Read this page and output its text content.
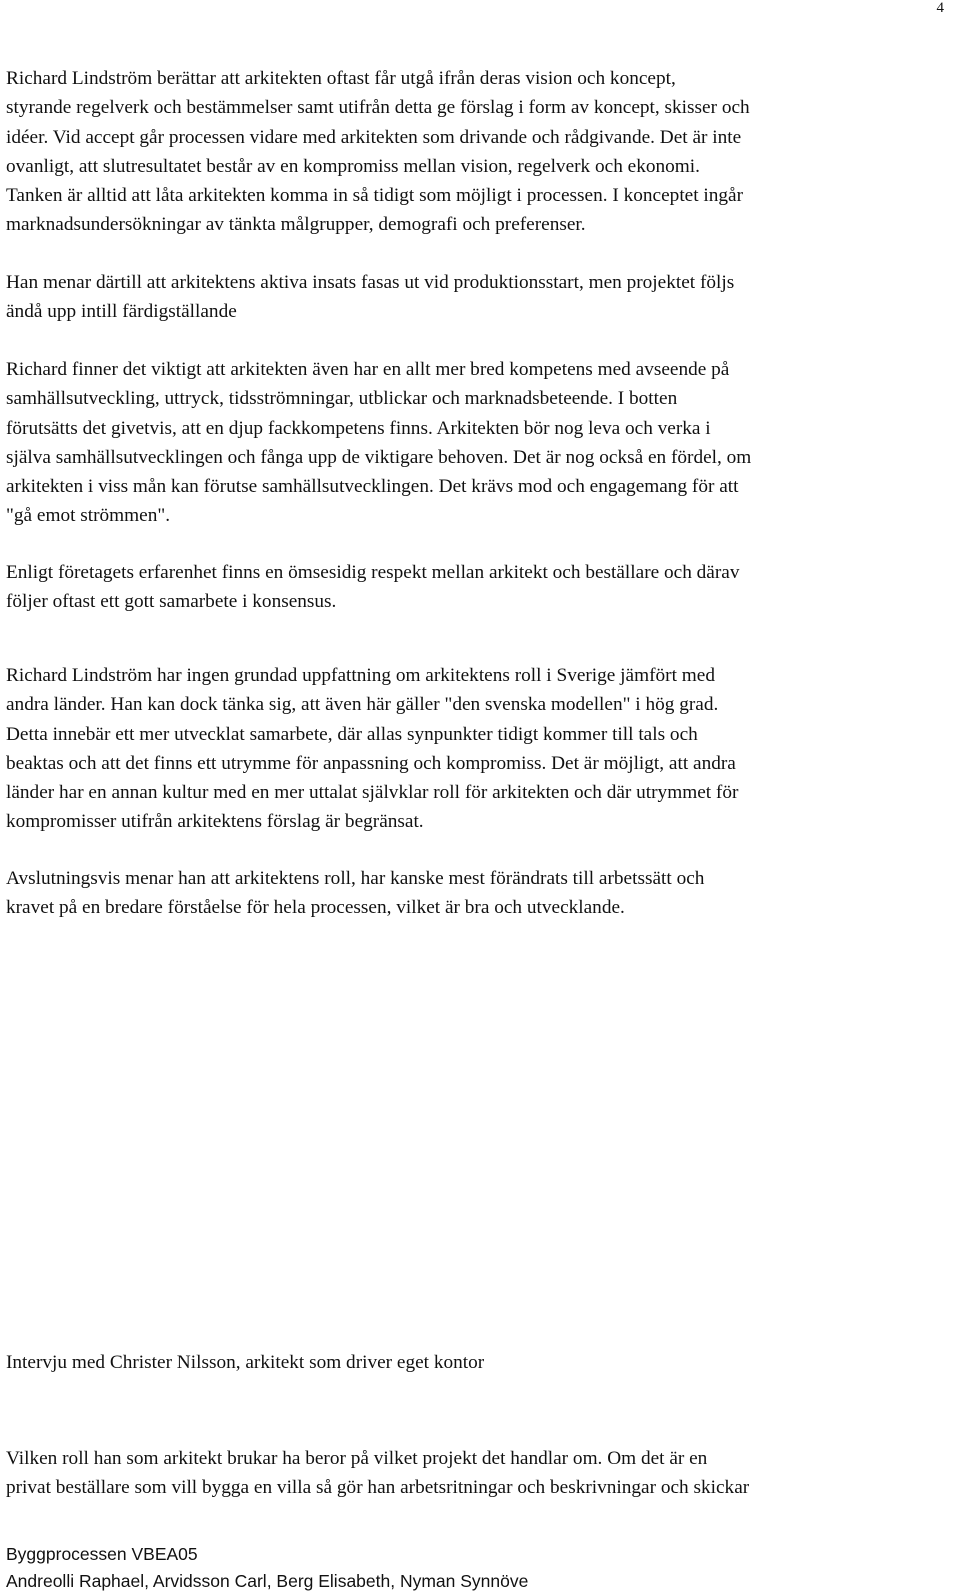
4
Richard Lindström berättar att arkitekten oftast får utgå ifrån deras vision och koncept,
styrande regelverk och bestämmelser samt utifrån detta ge förslag i form av koncept, skisser och
idéer. Vid accept går processen vidare med arkitekten som drivande och rådgivande. Det är inte
ovanligt, att slutresultatet består av en kompromiss mellan vision, regelverk och ekonomi.
Tanken är alltid att låta arkitekten komma in så tidigt som möjligt i processen. I konceptet ingår
marknadsundersökningar av tänkta målgrupper, demografi och preferenser.
Han menar därtill att arkitektens aktiva insats fasas ut vid produktionsstart, men projektet följs
ändå upp intill färdigställande
Richard finner det viktigt att arkitekten även har en allt mer bred kompetens med avseende på
samhällsutveckling, uttryck, tidsströmningar, utblickar och marknadsbeteende. I botten
förutsätts det givetvis, att en djup fackkompetens finns. Arkitekten bör nog leva och verka i
själva samhällsutvecklingen och fånga upp de viktigare behoven. Det är nog också en fördel, om
arkitekten i viss mån kan förutse samhällsutvecklingen. Det krävs mod och engagemang för att
"gå emot strömmen".
Enligt företagets erfarenhet finns en ömsesidig respekt mellan arkitekt och beställare och därav
följer oftast ett gott samarbete i konsensus.
Richard Lindström har ingen grundad uppfattning om arkitektens roll i Sverige jämfört med
andra länder. Han kan dock tänka sig, att även här gäller "den svenska modellen" i hög grad.
Detta innebär ett mer utvecklat samarbete, där allas synpunkter tidigt kommer till tals och
beaktas och att det finns ett utrymme för anpassning och kompromiss. Det är möjligt, att andra
länder har en annan kultur med en mer uttalat självklar roll för arkitekten och där utrymmet för
kompromisser utifrån arkitektens förslag är begränsat.
Avslutningsvis menar han att arkitektens roll, har kanske mest förändrats till arbetssätt och
kravet på en bredare förståelse för hela processen, vilket är bra och utvecklande.
Intervju med Christer Nilsson, arkitekt som driver eget kontor
Vilken roll han som arkitekt brukar ha beror på vilket projekt det handlar om. Om det är en
privat beställare som vill bygga en villa så gör han arbetsritningar och beskrivningar och skickar
Byggprocessen VBEA05
Andreolli Raphael, Arvidsson Carl, Berg Elisabeth, Nyman Synnöve
